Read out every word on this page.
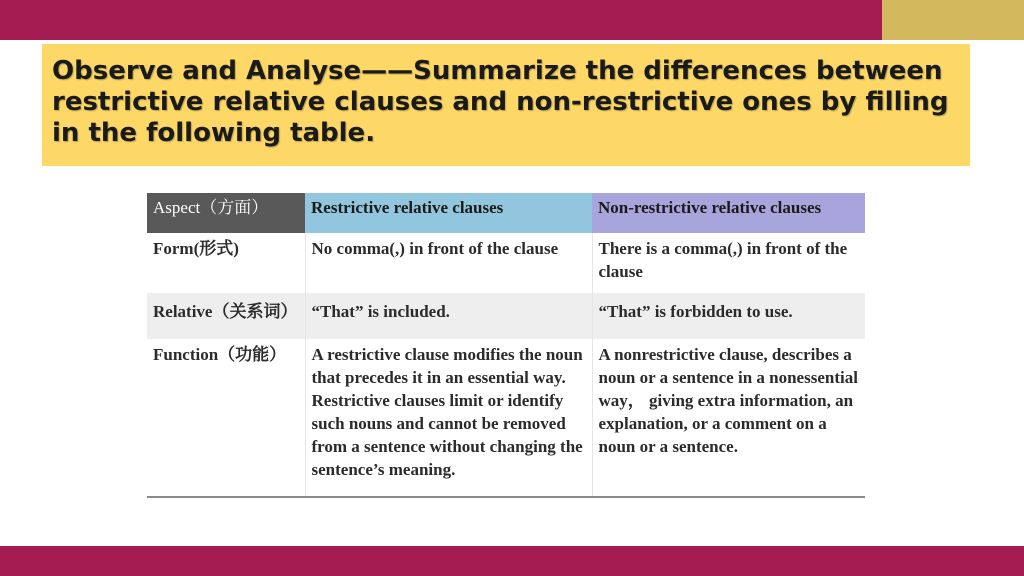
Observe and Analyse——Summarize the differences between restrictive relative clauses and non-restrictive ones by filling in the following table.

Aspect（方面）	Restrictive relative clauses	Non-restrictive relative clauses
Form(形式)	No comma(,) in front of the clause	There is a comma(,) in front of the clause
Relative（关系词）	“That” is included.	“That” is forbidden to use.
Function（功能）	A restrictive clause modifies the noun that precedes it in an essential way. Restrictive clauses limit or identify such nouns and cannot be removed from a sentence without changing the sentence’s meaning.	A nonrestrictive clause, describes a noun or a sentence in a nonessential way， giving extra information, an explanation, or a comment on a noun or a sentence.
